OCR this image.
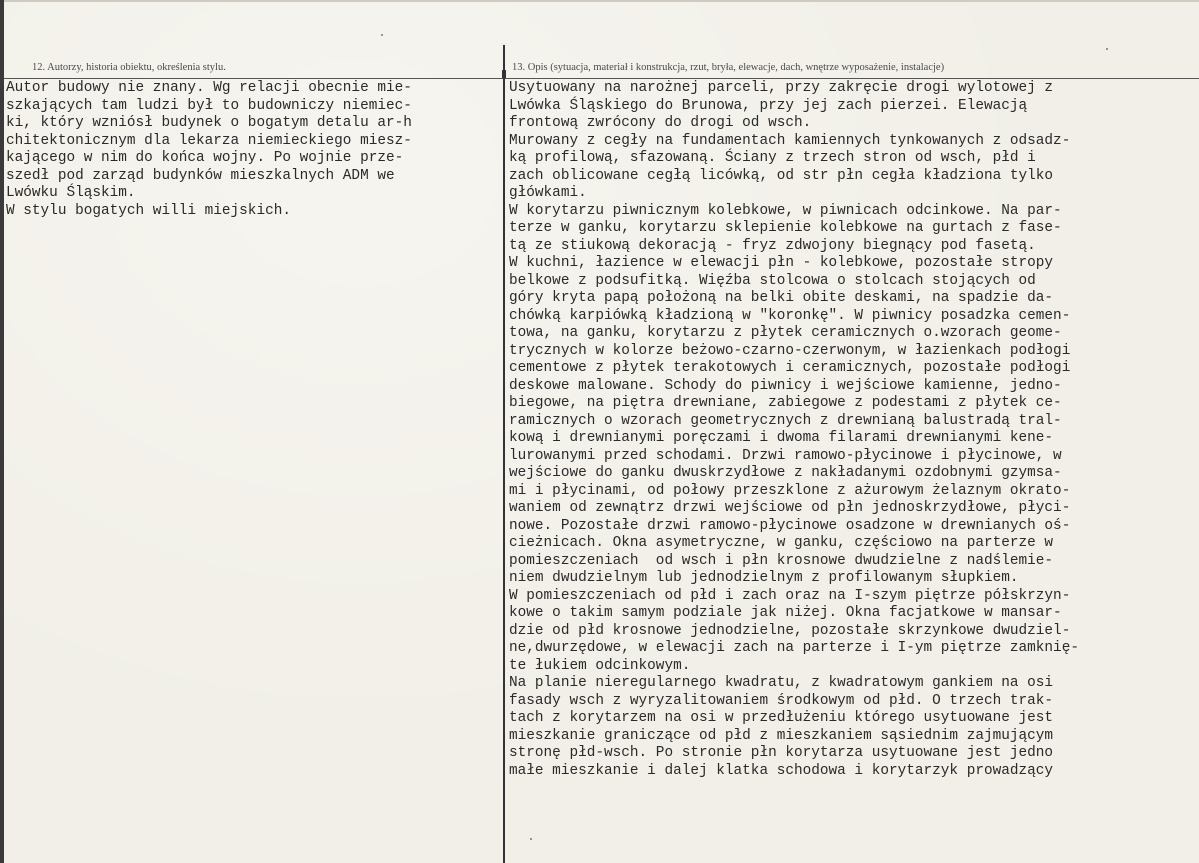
12. Autorzy, historia obiektu, określenia stylu.	13. Opis (sytuacja, materiał i konstrukcja, rzut, bryła, elewacje, dach, wnętrze wyposażenie, instalacje)
Autor budowy nie znany. Wg relacji obecnie mie-
szkających tam ludzi był to budowniczy niemiec-
ki, który wzniósł budynek o bogatym detalu ar-h
chitektonicznym dla lekarza niemieckiego miesz-
kającego w nim do końca wojny. Po wojnie prze-
szedł pod zarząd budynków mieszkalnych ADM we
Lwówku Śląskim.
W stylu bogatych willi miejskich.
Usytuowany na narożnej parceli, przy zakręcie drogi wylotowej z
Lwówka Śląskiego do Brunowa, przy jej zach pierzei. Elewacją
frontową zwrócony do drogi od wsch.
Murowany z cegły na fundamentach kamiennych tynkowanych z odsadz-
ką profilową, sfazowaną. Ściany z trzech stron od wsch, płd i
zach oblicowane cegłą licówką, od str płn cegła kładziona tylko
główkami.
W korytarzu piwnicznym kolebkowe, w piwnicach odcinkowe. Na par-
terze w ganku, korytarzu sklepienie kolebkowe na gurtach z fase-
tą ze stiukową dekoracją - fryz zdwojony biegnący pod fasetą.
W kuchni, łazience w elewacji płn - kolebkowe, pozostałe stropy
belkowe z podsufitką. Więźba stolcowa o stolcach stojących od
góry kryta papą położoną na belki obite deskami, na spadzie da-
chówką karpiówką kładzioną w "koronkę". W piwnicy posadzka cemen-
towa, na ganku, korytarzu z płytek ceramicznych o.wzorach geome-
trycznych w kolorze beżowo-czarno-czerwonym, w łazienkach podłogi
cementowe z płytek terakotowych i ceramicznych, pozostałe podłogi
deskowe malowane. Schody do piwnicy i wejściowe kamienne, jedno-
biegowe, na piętra drewniane, zabiegowe z podestami z płytek ce-
ramicznych o wzorach geometrycznych z drewnianą balustradą tral-
kową i drewnianymi poręczami i dwoma filarami drewnianymi kene-
lurowanymi przed schodami. Drzwi ramowo-płycinowe i płycinowe, w
wejściowe do ganku dwuskrzydłowe z nakładanymi ozdobnymi gzymsa-
mi i płycinami, od połowy przeszklone z ażurowym żelaznym okrato-
waniem od zewnątrz drzwi wejściowe od płn jednoskrzydłowe, płyci-
nowe. Pozostałe drzwi ramowo-płycinowe osadzone w drewnianych oś-
cieżnicach. Okna asymetryczne, w ganku, częściowo na parterze w
pomieszczeniach  od wsch i płn krosnowe dwudzielne z nadślemie-
niem dwudzielnym lub jednodzielnym z profilowanym słupkiem.
W pomieszczeniach od płd i zach oraz na I-szym piętrze półskrzyn-
kowe o takim samym podziale jak niżej. Okna facjatkowe w mansar-
dzie od płd krosnowe jednodzielne, pozostałe skrzynkowe dwudziel-
ne,dwurzędowe, w elewacji zach na parterze i I-ym piętrze zamknię-
te łukiem odcinkowym.
Na planie nieregularnego kwadratu, z kwadratowym gankiem na osi
fasady wsch z wyryzalitowaniem środkowym od płd. O trzech trak-
tach z korytarzem na osi w przedłużeniu którego usytuowane jest
mieszkanie graniczące od płd z mieszkaniem sąsiednim zajmującym
stronę płd-wsch. Po stronie płn korytarza usytuowane jest jedno
małe mieszkanie i dalej klatka schodowa i korytarzyk prowadzący
